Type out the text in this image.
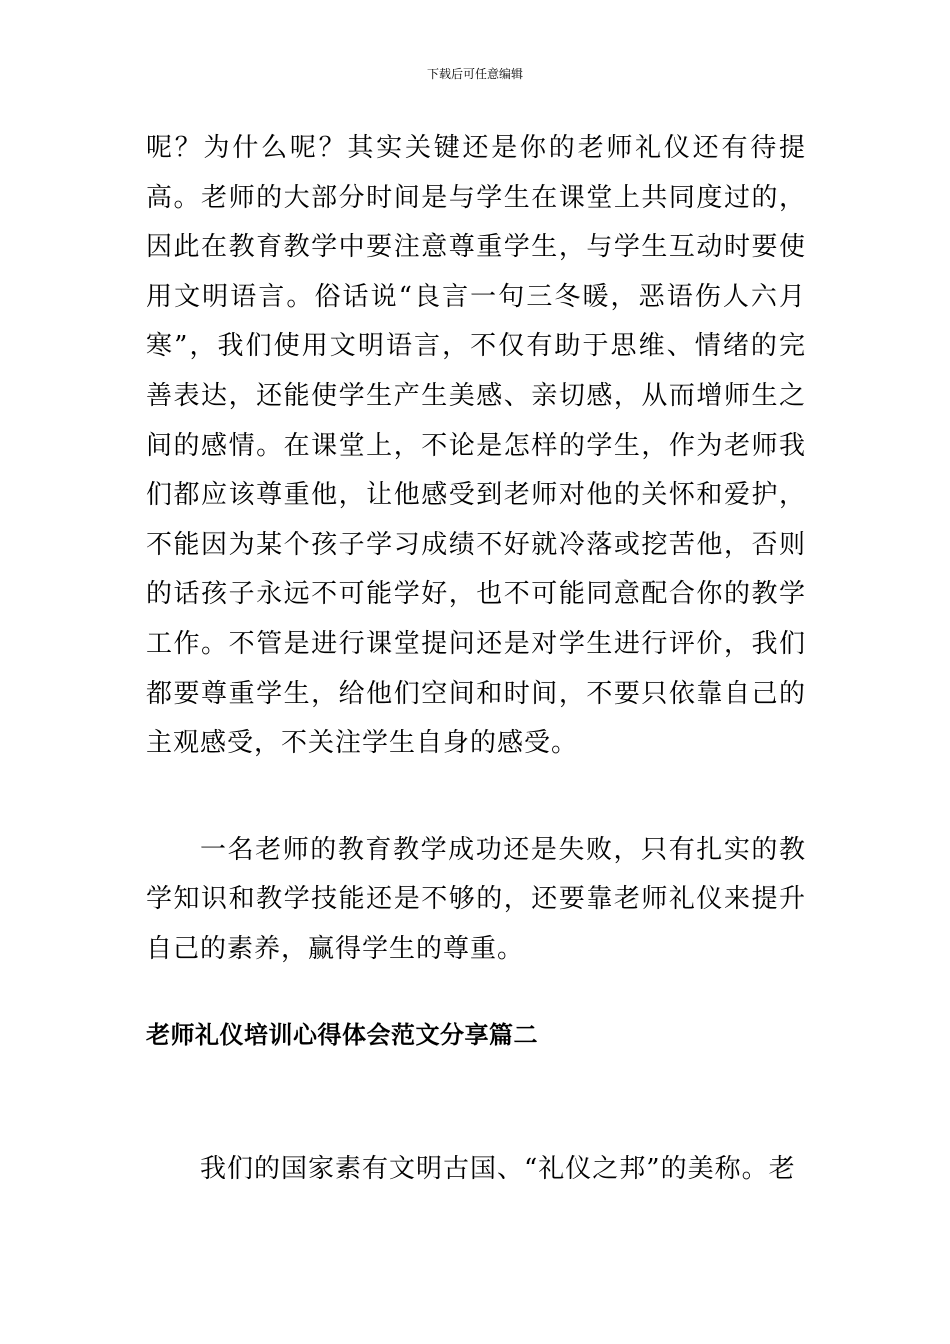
下载后可任意编辑

呢？为什么呢？其实关键还是你的老师礼仪还有待提高。老师的大部分时间是与学生在课堂上共同度过的，因此在教育教学中要注意尊重学生，与学生互动时要使用文明语言。俗话说“良言一句三冬暖，恶语伤人六月寒”，我们使用文明语言，不仅有助于思维、情绪的完善表达，还能使学生产生美感、亲切感，从而增师生之间的感情。在课堂上，不论是怎样的学生，作为老师我们都应该尊重他，让他感受到老师对他的关怀和爱护，不能因为某个孩子学习成绩不好就冷落或挖苦他，否则的话孩子永远不可能学好，也不可能同意配合你的教学工作。不管是进行课堂提问还是对学生进行评价，我们都要尊重学生，给他们空间和时间，不要只依靠自己的主观感受，不关注学生自身的感受。

一名老师的教育教学成功还是失败，只有扎实的教学知识和教学技能还是不够的，还要靠老师礼仪来提升自己的素养，赢得学生的尊重。

老师礼仪培训心得体会范文分享篇二

我们的国家素有文明古国、“礼仪之邦”的美称。老
